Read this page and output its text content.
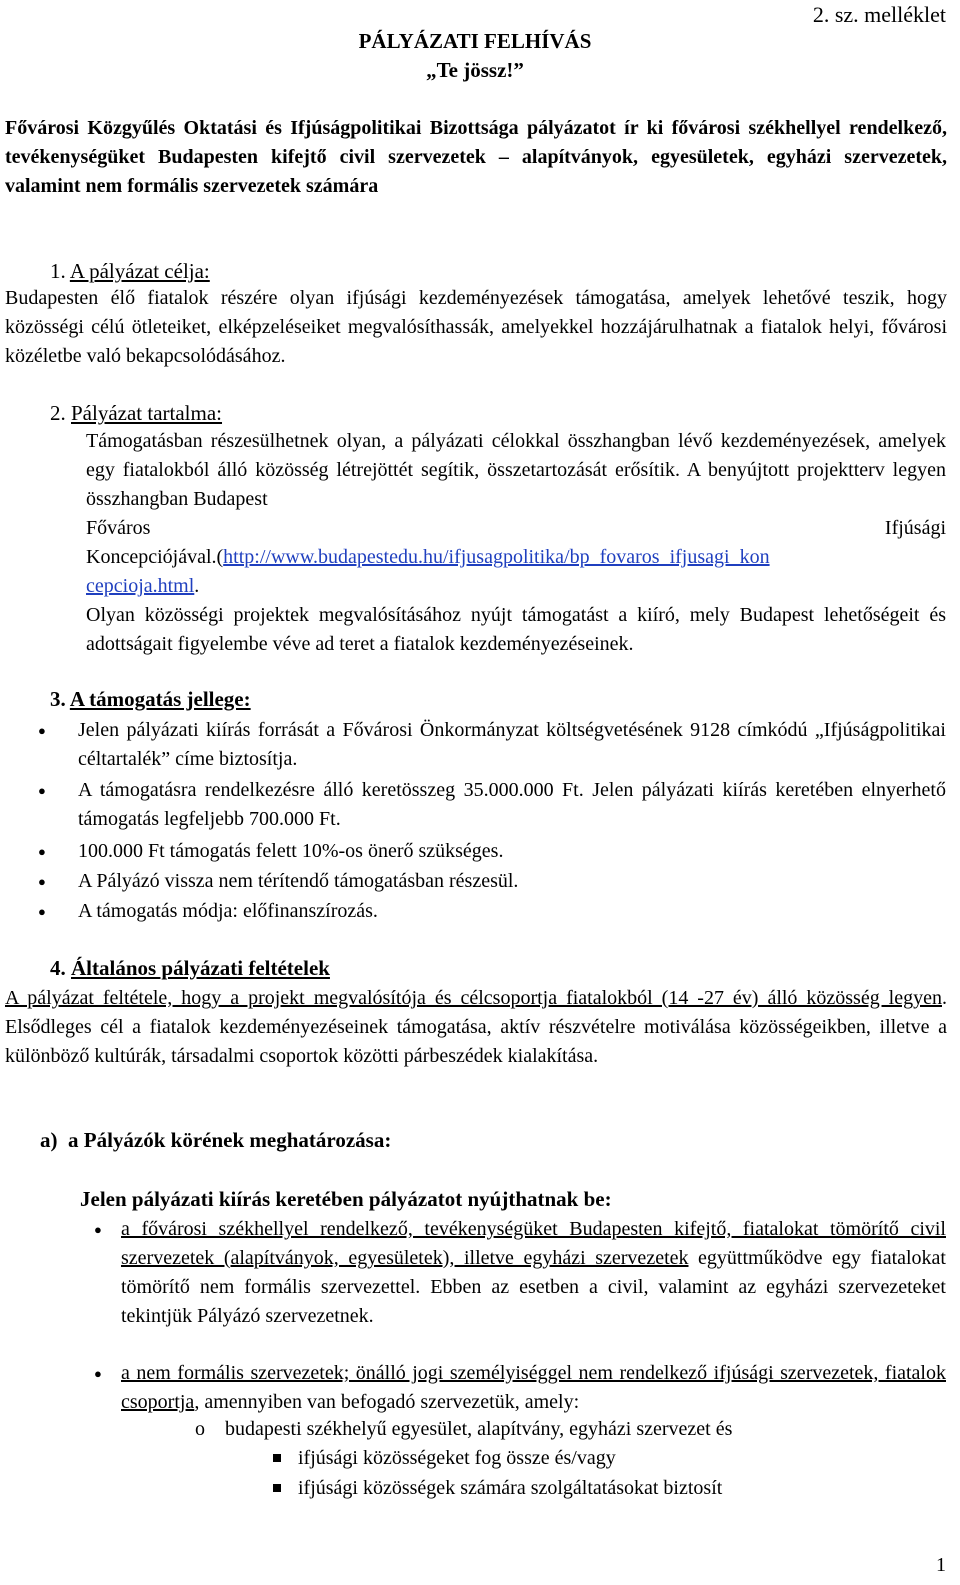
2. sz. melléklet
PÁLYÁZATI FELHÍVÁS
„Te jössz!”

Fővárosi Közgyűlés Oktatási és Ifjúságpolitikai Bizottsága pályázatot ír ki fővárosi székhellyel rendelkező, tevékenységüket Budapesten kifejtő civil szervezetek – alapítványok, egyesületek, egyházi szervezetek, valamint nem formális szervezetek számára

1. A pályázat célja:

Budapesten élő fiatalok részére olyan ifjúsági kezdeményezések támogatása, amelyek lehetővé teszik, hogy közösségi célú ötleteiket, elképzeléseiket megvalósíthassák, amelyekkel hozzájárulhatnak a fiatalok helyi, fővárosi közéletbe való bekapcsolódásához.

2. Pályázat tartalma:

Támogatásban részesülhetnek olyan, a pályázati célokkal összhangban lévő kezdeményezések, amelyek egy fiatalokból álló közösség létrejöttét segítik, összetartozását erősítik. A benyújtott projektterv legyen összhangban Budapest

Főváros	Ifjúsági
Koncepciójával.(http://www.budapestedu.hu/ifjusagpolitika/bp_fovaros_ifjusagi_kon
cepcioja.html.

Olyan közösségi projektek megvalósításához nyújt támogatást a kiíró, mely Budapest lehetőségeit és adottságait figyelembe véve ad teret a fiatalok kezdeményezéseinek.

3. A támogatás jellege:
● Jelen pályázati kiírás forrását a Fővárosi Önkormányzat költségvetésének 9128 címkódú „Ifjúságpolitikai céltartalék” címe biztosítja.

● A támogatásra rendelkezésre álló keretösszeg 35.000.000 Ft. Jelen pályázati kiírás keretében elnyerhető támogatás legfeljebb 700.000 Ft.

● 100.000 Ft támogatás felett 10%-os önerő szükséges.

● A Pályázó vissza nem térítendő támogatásban részesül.

● A támogatás módja: előfinanszírozás.

4. Általános pályázati feltételek

A pályázat feltétele, hogy a projekt megvalósítója és célcsoportja fiatalokból (14 -27 év) álló közösség legyen. Elsődleges cél a fiatalok kezdeményezéseinek támogatása, aktív részvételre motiválása közösségeikben, illetve a különböző kultúrák, társadalmi csoportok közötti párbeszédek kialakítása.

a) a Pályázók körének meghatározása:
Jelen pályázati kiírás keretében pályázatot nyújthatnak be:
● a fővárosi székhellyel rendelkező, tevékenységüket Budapesten kifejtő, fiatalokat tömörítő civil szervezetek (alapítványok, egyesületek), illetve egyházi szervezetek együttműködve egy fiatalokat tömörítő nem formális szervezettel. Ebben az esetben a civil, valamint az egyházi szervezeteket tekintjük Pályázó szervezetnek.

● a nem formális szervezetek; önálló jogi személyiséggel nem rendelkező ifjúsági szervezetek, fiatalok csoportja, amennyiben van befogadó szervezetük, amely:

o budapesti székhelyű egyesület, alapítvány, egyházi szervezet és

ifjúsági közösségeket fog össze és/vagy

ifjúsági közösségek számára szolgáltatásokat biztosít

1
